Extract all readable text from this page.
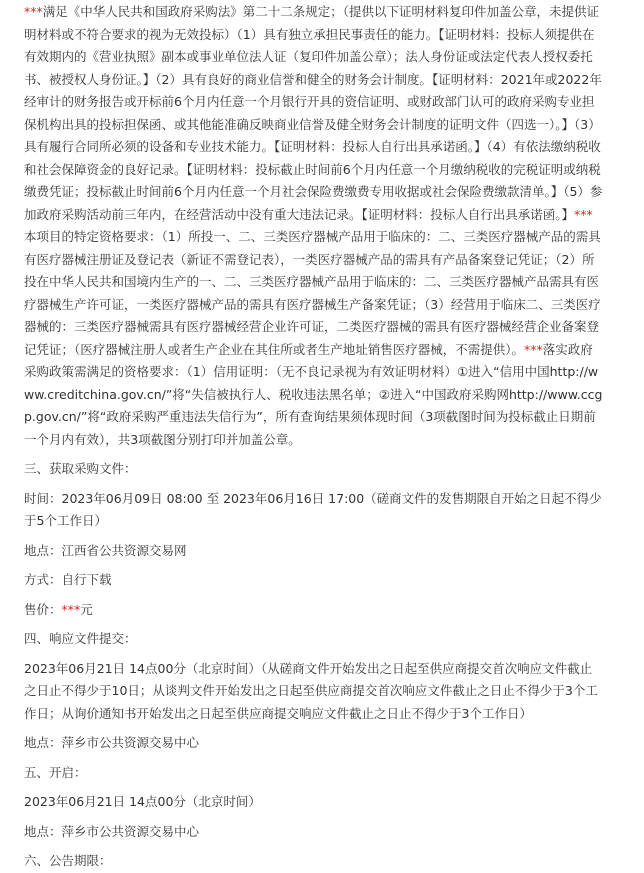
***满足《中华人民共和国政府采购法》第二十二条规定；（提供以下证明材料复印件加盖公章，未提供证明材料或不符合要求的视为无效投标）（1）具有独立承担民事责任的能力。【证明材料：投标人须提供在有效期内的《营业执照》副本或事业单位法人证（复印件加盖公章）；法人身份证或法定代表人授权委托书、被授权人身份证。】（2）具有良好的商业信誉和健全的财务会计制度。【证明材料：2021年或2022年经审计的财务报告或开标前6个月内任意一个月银行开具的资信证明、或财政部门认可的政府采购专业担保机构出具的投标担保函、或其他能准确反映商业信誉及健全财务会计制度的证明文件（四选一）。】（3）具有履行合同所必须的设备和专业技术能力。【证明材料：投标人自行出具承诺函。】（4）有依法缴纳税收和社会保障资金的良好记录。【证明材料：投标截止时间前6个月内任意一个月缴纳税收的完税证明或纳税缴费凭证；投标截止时间前6个月内任意一个月社会保险费缴费专用收据或社会保险费缴款清单。】（5）参加政府采购活动前三年内，在经营活动中没有重大违法记录。【证明材料：投标人自行出具承诺函。】***本项目的特定资格要求：（1）所投一、二、三类医疗器械产品用于临床的：二、三类医疗器械产品的需具有医疗器械注册证及登记表（新证不需登记表），一类医疗器械产品的需具有产品备案登记凭证；（2）所投在中华人民共和国境内生产的一、二、三类医疗器械产品用于临床的：二、三类医疗器械产品需具有医疗器械生产许可证，一类医疗器械产品的需具有医疗器械生产备案凭证；（3）经营用于临床二、三类医疗器械的：三类医疗器械需具有医疗器械经营企业许可证，二类医疗器械的需具有医疗器械经营企业备案登记凭证；（医疗器械注册人或者生产企业在其住所或者生产地址销售医疗器械，不需提供）。***落实政府采购政策需满足的资格要求：（1）信用证明：（无不良记录视为有效证明材料）①进入“信用中国http://www.creditchina.gov.cn/”将“失信被执行人、税收违法黑名单；②进入“中国政府采购网http://www.ccgp.gov.cn/”将“政府采购严重违法失信行为”，所有查询结果须体现时间（3项截图时间为投标截止日期前一个月内有效），共3项截图分别打印并加盖公章。

三、获取采购文件：

时间：2023年06月09日 08:00 至 2023年06月16日 17:00（磋商文件的发售期限自开始之日起不得少于5个工作日）

地点：江西省公共资源交易网

方式：自行下载

售价：***元

四、响应文件提交：

2023年06月21日 14点00分（北京时间）（从磋商文件开始发出之日起至供应商提交首次响应文件截止之日止不得少于10日；从谈判文件开始发出之日起至供应商提交首次响应文件截止之日止不得少于3个工作日；从询价通知书开始发出之日起至供应商提交响应文件截止之日止不得少于3个工作日）

地点：萍乡市公共资源交易中心

五、开启：

2023年06月21日 14点00分（北京时间）

地点：萍乡市公共资源交易中心

六、公告期限：
